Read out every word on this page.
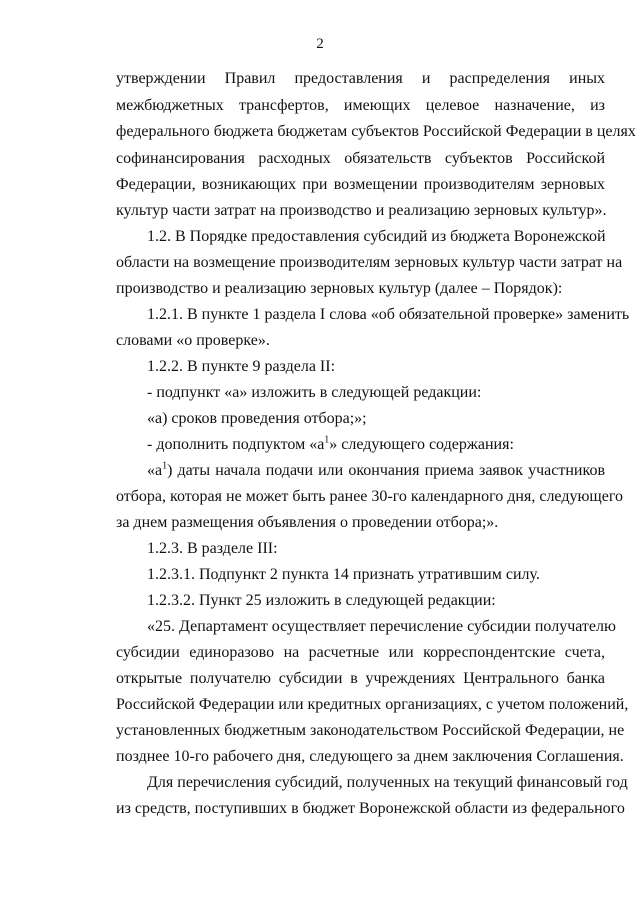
2
утверждении Правил предоставления и распределения иных
межбюджетных трансфертов, имеющих целевое назначение, из
федерального бюджета бюджетам субъектов Российской Федерации в целях
софинансирования расходных обязательств субъектов Российской
Федерации, возникающих при возмещении производителям зерновых
культур части затрат на производство и реализацию зерновых культур».
1.2. В Порядке предоставления субсидий из бюджета Воронежской
области на возмещение производителям зерновых культур части затрат на
производство и реализацию зерновых культур (далее – Порядок):
1.2.1. В пункте 1 раздела I слова «об обязательной проверке» заменить
словами «о проверке».
1.2.2. В пункте 9 раздела II:
- подпункт «а» изложить в следующей редакции:
«а) сроков проведения отбора;»;
- дополнить подпуктом «$а^1$» следующего содержания:
«$а^1$) даты начала подачи или окончания приема заявок участников
отбора, которая не может быть ранее 30-го календарного дня, следующего
за днем размещения объявления о проведении отбора;».
1.2.3. В разделе III:
1.2.3.1. Подпункт 2 пункта 14 признать утратившим силу.
1.2.3.2. Пункт 25 изложить в следующей редакции:
«25. Департамент осуществляет перечисление субсидии получателю
субсидии единоразово на расчетные или корреспондентские счета,
открытые получателю субсидии в учреждениях Центрального банка
Российской Федерации или кредитных организациях, с учетом положений,
установленных бюджетным законодательством Российской Федерации, не
позднее 10-го рабочего дня, следующего за днем заключения Соглашения.
Для перечисления субсидий, полученных на текущий финансовый год
из средств, поступивших в бюджет Воронежской области из федерального
